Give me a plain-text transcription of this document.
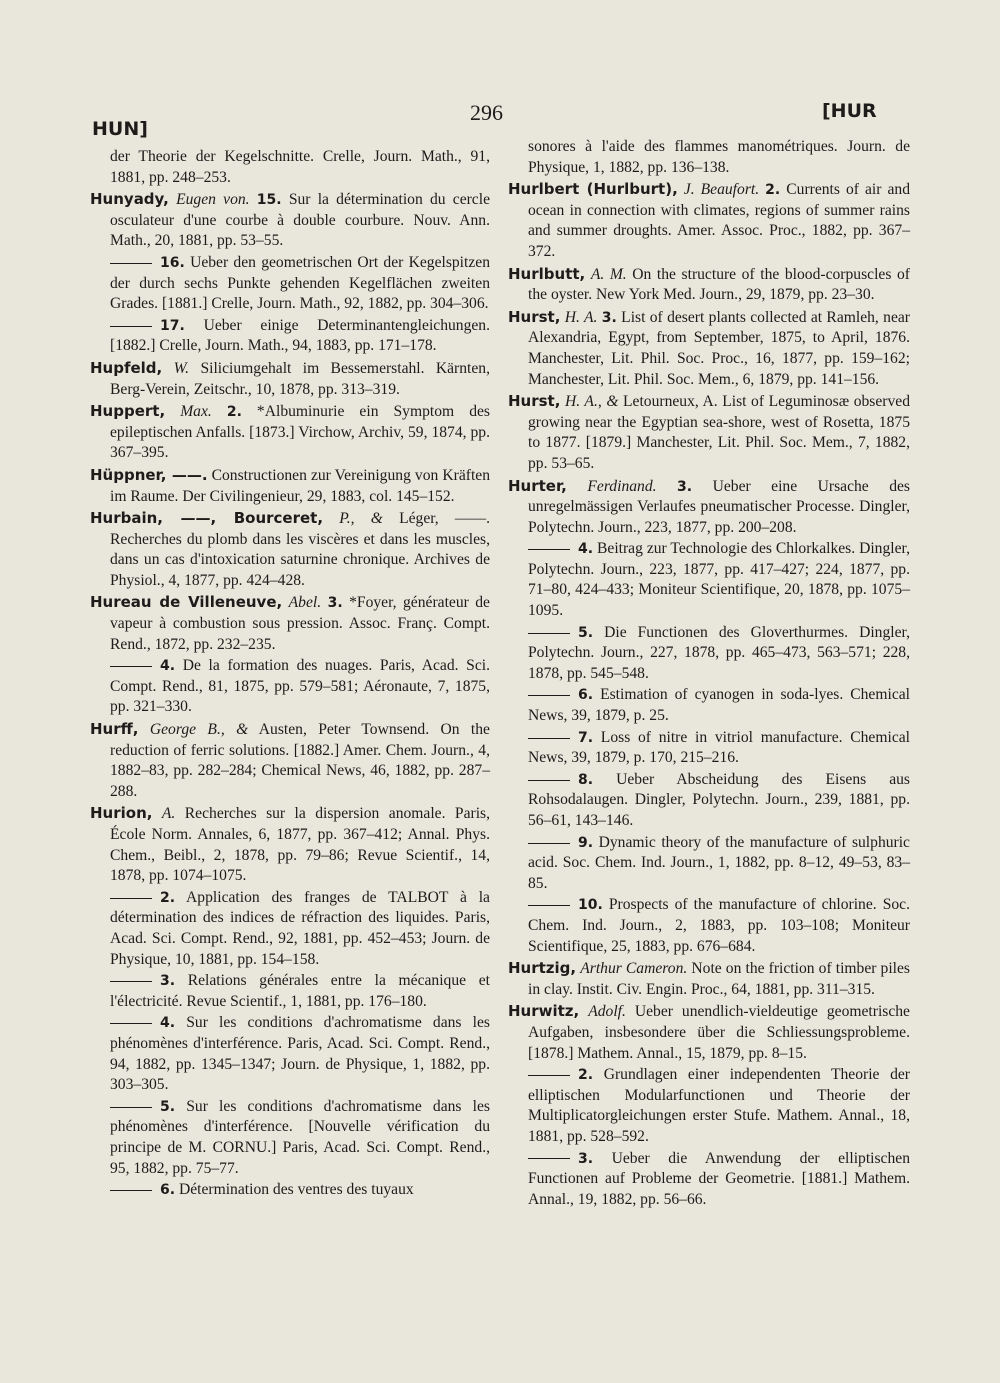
HUN]
296	[HUR
der Theorie der Kegelschnitte. Crelle, Journ. Math., 91, 1881, pp. 248–253.
Hunyady, Eugen von. 15. Sur la détermination du cercle osculateur d'une courbe à double courbure. Nouv. Ann. Math., 20, 1881, pp. 53–55.
16. Ueber den geometrischen Ort der Kegelspitzen der durch sechs Punkte gehenden Kegelflächen zweiten Grades. [1881.] Crelle, Journ. Math., 92, 1882, pp. 304–306.
17. Ueber einige Determinantengleichungen. [1882.] Crelle, Journ. Math., 94, 1883, pp. 171–178.
Hupfeld, W. Siliciumgehalt im Bessemerstahl. Kärnten, Berg-Verein, Zeitschr., 10, 1878, pp. 313–319.
Huppert, Max. 2. *Albuminurie ein Symptom des epileptischen Anfalls. [1873.] Virchow, Archiv, 59, 1874, pp. 367–395.
Hüppner, ——. Constructionen zur Vereinigung von Kräften im Raume. Der Civilingenieur, 29, 1883, col. 145–152.
Hurbain, ——, Bourceret, P., & Léger, ——. Recherches du plomb dans les viscères et dans les muscles, dans un cas d'intoxication saturnine chronique. Archives de Physiol., 4, 1877, pp. 424–428.
Hureau de Villeneuve, Abel. 3. *Foyer, générateur de vapeur à combustion sous pression. Assoc. Franç. Compt. Rend., 1872, pp. 232–235.
4. De la formation des nuages. Paris, Acad. Sci. Compt. Rend., 81, 1875, pp. 579–581; Aéronaute, 7, 1875, pp. 321–330.
Hurff, George B., & Austen, Peter Townsend. On the reduction of ferric solutions. [1882.] Amer. Chem. Journ., 4, 1882–83, pp. 282–284; Chemical News, 46, 1882, pp. 287–288.
Hurion, A. Recherches sur la dispersion anomale. Paris, École Norm. Annales, 6, 1877, pp. 367–412; Annal. Phys. Chem., Beibl., 2, 1878, pp. 79–86; Revue Scientif., 14, 1878, pp. 1074–1075.
2. Application des franges de TALBOT à la détermination des indices de réfraction des liquides. Paris, Acad. Sci. Compt. Rend., 92, 1881, pp. 452–453; Journ. de Physique, 10, 1881, pp. 154–158.
3. Relations générales entre la mécanique et l'électricité. Revue Scientif., 1, 1881, pp. 176–180.
4. Sur les conditions d'achromatisme dans les phénomènes d'interférence. Paris, Acad. Sci. Compt. Rend., 94, 1882, pp. 1345–1347; Journ. de Physique, 1, 1882, pp. 303–305.
5. Sur les conditions d'achromatisme dans les phénomènes d'interférence. [Nouvelle vérification du principe de M. CORNU.] Paris, Acad. Sci. Compt. Rend., 95, 1882, pp. 75–77.
6. Détermination des ventres des tuyaux
sonores à l'aide des flammes manométriques. Journ. de Physique, 1, 1882, pp. 136–138.
Hurlbert (Hurlburt), J. Beaufort. 2. Currents of air and ocean in connection with climates, regions of summer rains and summer droughts. Amer. Assoc. Proc., 1882, pp. 367–372.
Hurlbutt, A. M. On the structure of the blood-corpuscles of the oyster. New York Med. Journ., 29, 1879, pp. 23–30.
Hurst, H. A. 3. List of desert plants collected at Ramleh, near Alexandria, Egypt, from September, 1875, to April, 1876. Manchester, Lit. Phil. Soc. Proc., 16, 1877, pp. 159–162; Manchester, Lit. Phil. Soc. Mem., 6, 1879, pp. 141–156.
Hurst, H. A., & Letourneux, A. List of Leguminosæ observed growing near the Egyptian sea-shore, west of Rosetta, 1875 to 1877. [1879.] Manchester, Lit. Phil. Soc. Mem., 7, 1882, pp. 53–65.
Hurter, Ferdinand. 3. Ueber eine Ursache des unregelmässigen Verlaufes pneumatischer Processe. Dingler, Polytechn. Journ., 223, 1877, pp. 200–208.
4. Beitrag zur Technologie des Chlorkalkes. Dingler, Polytechn. Journ., 223, 1877, pp. 417–427; 224, 1877, pp. 71–80, 424–433; Moniteur Scientifique, 20, 1878, pp. 1075–1095.
5. Die Functionen des Gloverthurmes. Dingler, Polytechn. Journ., 227, 1878, pp. 465–473, 563–571; 228, 1878, pp. 545–548.
6. Estimation of cyanogen in soda-lyes. Chemical News, 39, 1879, p. 25.
7. Loss of nitre in vitriol manufacture. Chemical News, 39, 1879, p. 170, 215–216.
8. Ueber Abscheidung des Eisens aus Rohsodalaugen. Dingler, Polytechn. Journ., 239, 1881, pp. 56–61, 143–146.
9. Dynamic theory of the manufacture of sulphuric acid. Soc. Chem. Ind. Journ., 1, 1882, pp. 8–12, 49–53, 83–85.
10. Prospects of the manufacture of chlorine. Soc. Chem. Ind. Journ., 2, 1883, pp. 103–108; Moniteur Scientifique, 25, 1883, pp. 676–684.
Hurtzig, Arthur Cameron. Note on the friction of timber piles in clay. Instit. Civ. Engin. Proc., 64, 1881, pp. 311–315.
Hurwitz, Adolf. Ueber unendlich-vieldeutige geometrische Aufgaben, insbesondere über die Schliessungsprobleme. [1878.] Mathem. Annal., 15, 1879, pp. 8–15.
2. Grundlagen einer independenten Theorie der elliptischen Modularfunctionen und Theorie der Multiplicatorgleichungen erster Stufe. Mathem. Annal., 18, 1881, pp. 528–592.
3. Ueber die Anwendung der elliptischen Functionen auf Probleme der Geometrie. [1881.] Mathem. Annal., 19, 1882, pp. 56–66.
